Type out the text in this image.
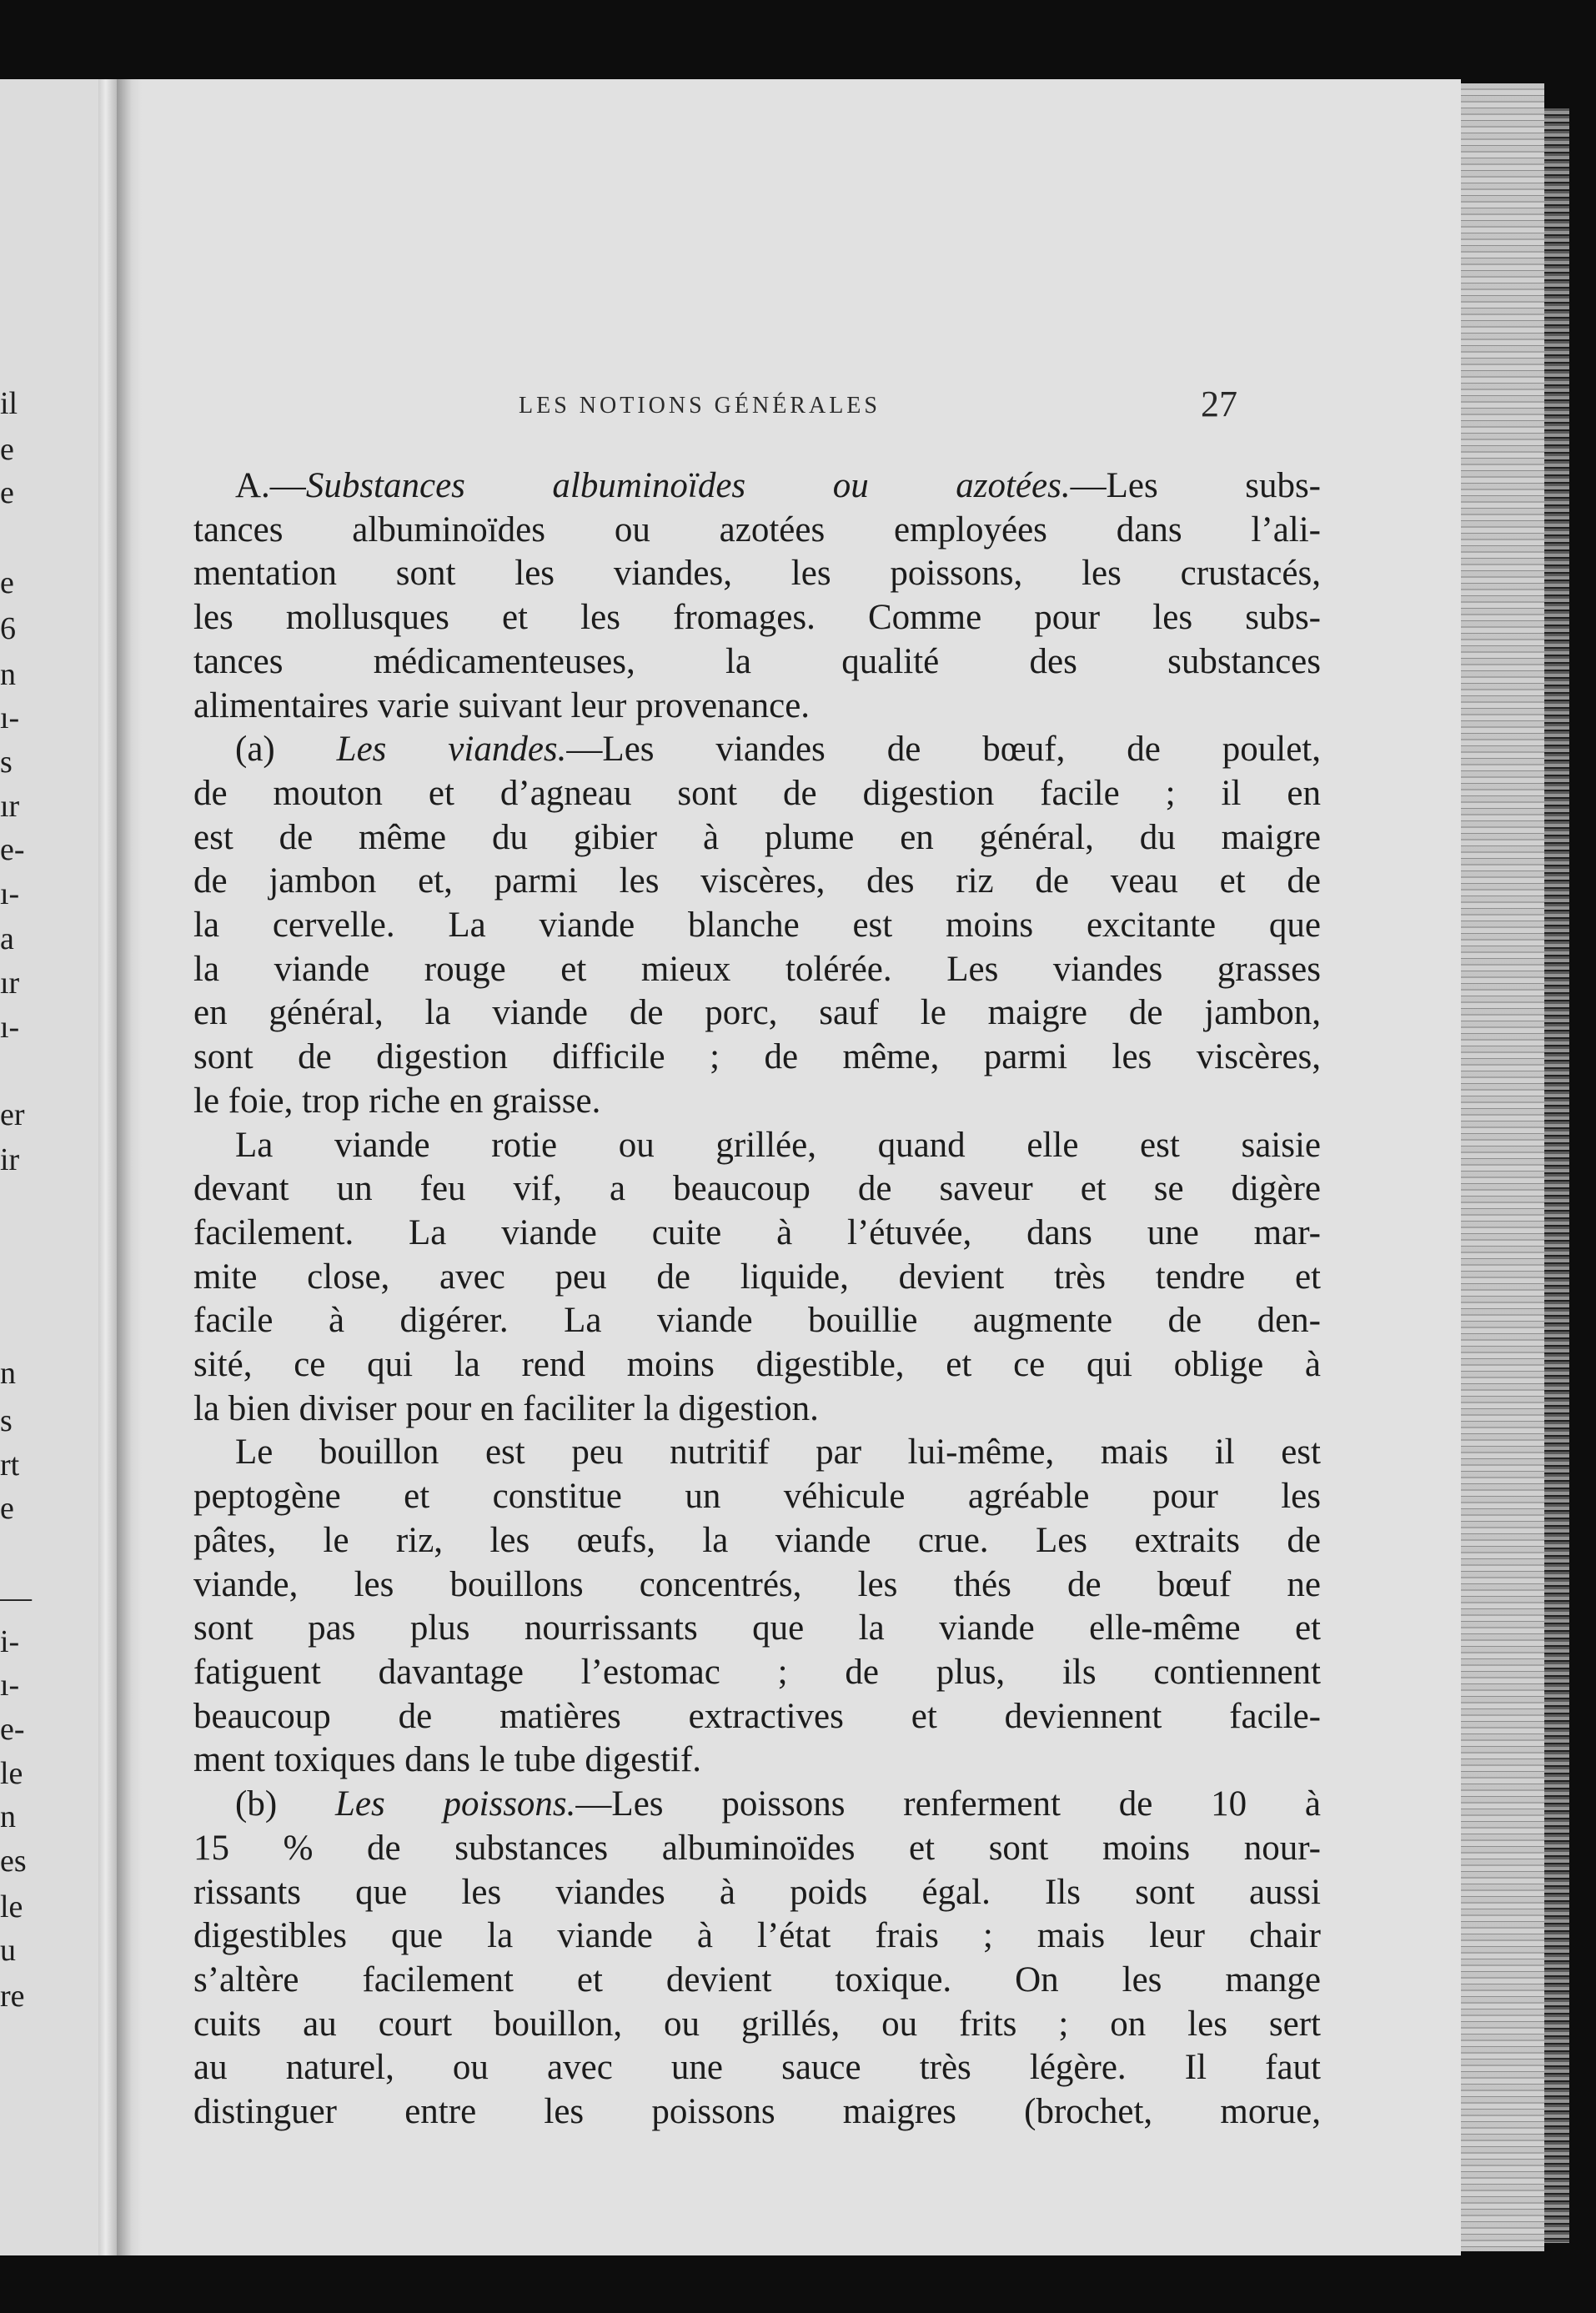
il
e
e
e
6
n
ı-
s
ır
e-
ı-
a
ır
ı-
er
ir
n
s
rt
e
—
i-
ı-
e-
le
n
es
le
u
re
LES NOTIONS GÉNÉRALES	27

A.—Substances albuminoïdes ou azotées.—Les subs-
tances albuminoïdes ou azotées employées dans l’ali-
mentation sont les viandes, les poissons, les crustacés,
les mollusques et les fromages. Comme pour les subs-
tances médicamenteuses, la qualité des substances
alimentaires varie suivant leur provenance.

(a) Les viandes.—Les viandes de bœuf, de poulet,
de mouton et d’agneau sont de digestion facile ; il en
est de même du gibier à plume en général, du maigre
de jambon et, parmi les viscères, des riz de veau et de
la cervelle. La viande blanche est moins excitante que
la viande rouge et mieux tolérée. Les viandes grasses
en général, la viande de porc, sauf le maigre de jambon,
sont de digestion difficile ; de même, parmi les viscères,
le foie, trop riche en graisse.

La viande rotie ou grillée, quand elle est saisie
devant un feu vif, a beaucoup de saveur et se digère
facilement. La viande cuite à l’étuvée, dans une mar-
mite close, avec peu de liquide, devient très tendre et
facile à digérer. La viande bouillie augmente de den-
sité, ce qui la rend moins digestible, et ce qui oblige à
la bien diviser pour en faciliter la digestion.

Le bouillon est peu nutritif par lui-même, mais il est
peptogène et constitue un véhicule agréable pour les
pâtes, le riz, les œufs, la viande crue. Les extraits de
viande, les bouillons concentrés, les thés de bœuf ne
sont pas plus nourrissants que la viande elle-même et
fatiguent davantage l’estomac ; de plus, ils contiennent
beaucoup de matières extractives et deviennent facile-
ment toxiques dans le tube digestif.

(b) Les poissons.—Les poissons renferment de 10 à
15 % de substances albuminoïdes et sont moins nour-
rissants que les viandes à poids égal. Ils sont aussi
digestibles que la viande à l’état frais ; mais leur chair
s’altère facilement et devient toxique. On les mange
cuits au court bouillon, ou grillés, ou frits ; on les sert
au naturel, ou avec une sauce très légère. Il faut
distinguer entre les poissons maigres (brochet, morue,
